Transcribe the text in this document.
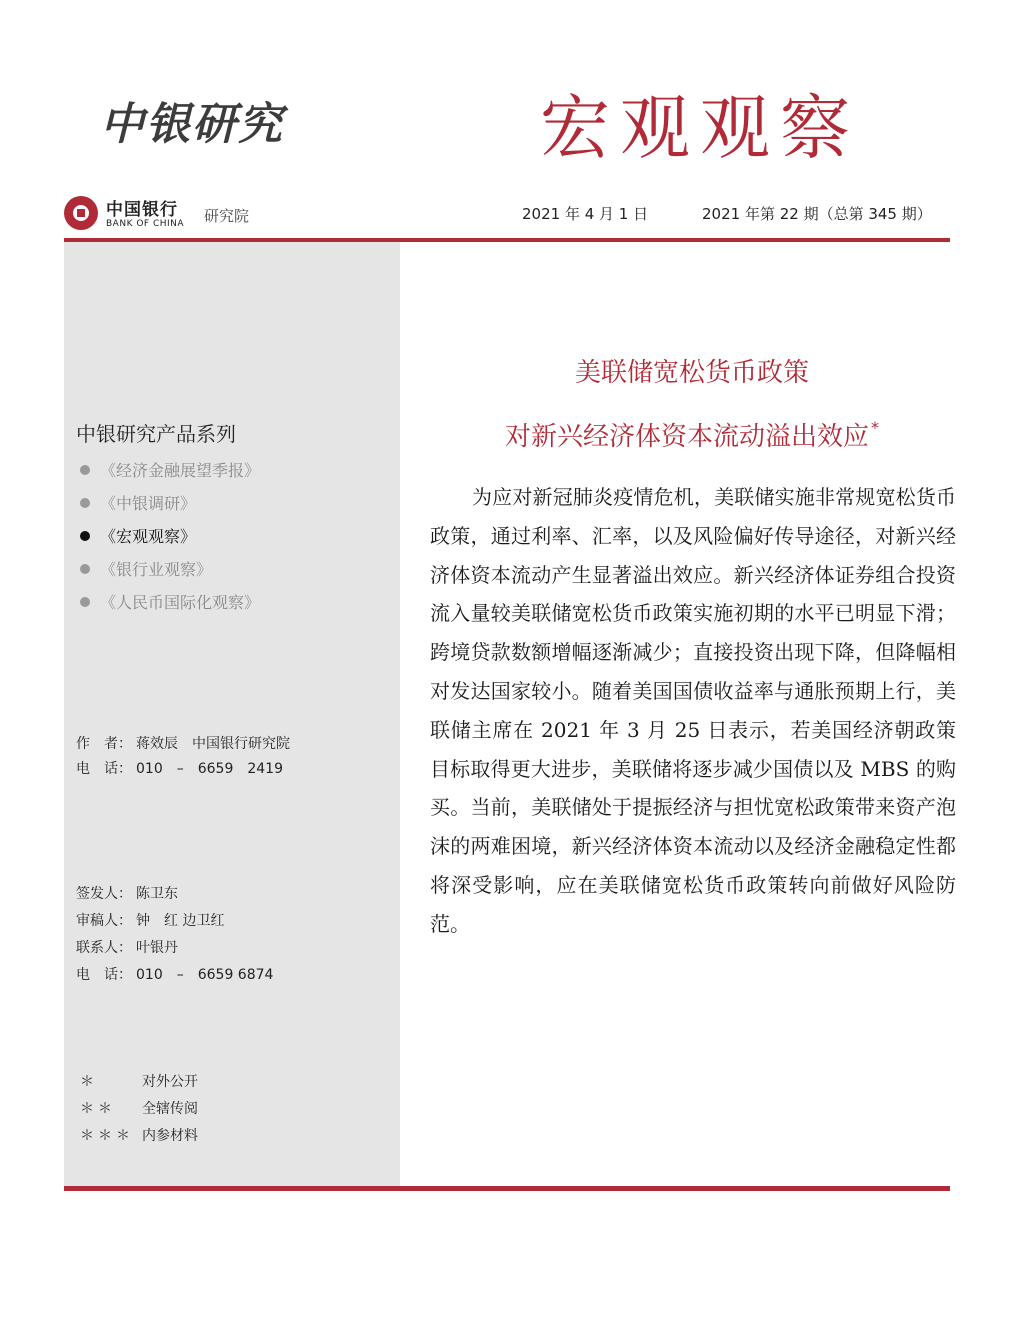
中银研究	宏观观察
中国银行
BANK OF CHINA 研究院	2021 年 4 月 1 日	2021 年第 22 期（总第 345 期）
中银研究产品系列
《经济金融展望季报》
《中银调研》
《宏观观察》
《银行业观察》
《人民币国际化观察》
作　者： 蒋效辰　中国银行研究院
电　话： 010　–　6659　2419
签发人： 陈卫东
审稿人： 钟　红 边卫红
联系人： 叶银丹
电　话： 010　–　6659 6874
＊	对外公开
＊＊ 全辖传阅
＊＊＊ 内参材料
美联储宽松货币政策
对新兴经济体资本流动溢出效应 *

为应对新冠肺炎疫情危机，美联储实施非常规宽松货币政策，通过利率、汇率，以及风险偏好传导途径，对新兴经济体资本流动产生显著溢出效应。新兴经济体证券组合投资流入量较美联储宽松货币政策实施初期的水平已明显下滑；跨境贷款数额增幅逐渐减少；直接投资出现下降，但降幅相对发达国家较小。随着美国国债收益率与通胀预期上行，美联储主席在 2021 年 3 月 25 日表示，若美国经济朝政策目标取得更大进步，美联储将逐步减少国债以及 MBS 的购买。当前，美联储处于提振经济与担忧宽松政策带来资产泡沫的两难困境，新兴经济体资本流动以及经济金融稳定性都将深受影响，应在美联储宽松货币政策转向前做好风险防范。
